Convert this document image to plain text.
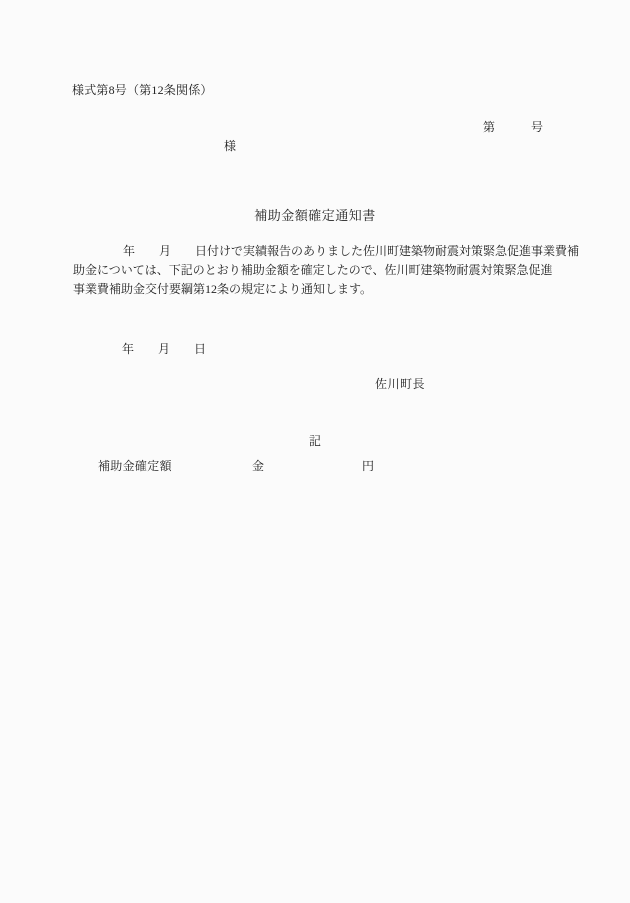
様式第8号（第12条関係）
第　　　号
様
補助金額確定通知書
年　　月　　日付けで実績報告のありました佐川町建築物耐震対策緊急促進事業費補
助金については、下記のとおり補助金額を確定したので、佐川町建築物耐震対策緊急促進
事業費補助金交付要綱第12条の規定により通知します。
年　　月　　日
佐川町長
記
補助金確定額	金	円
